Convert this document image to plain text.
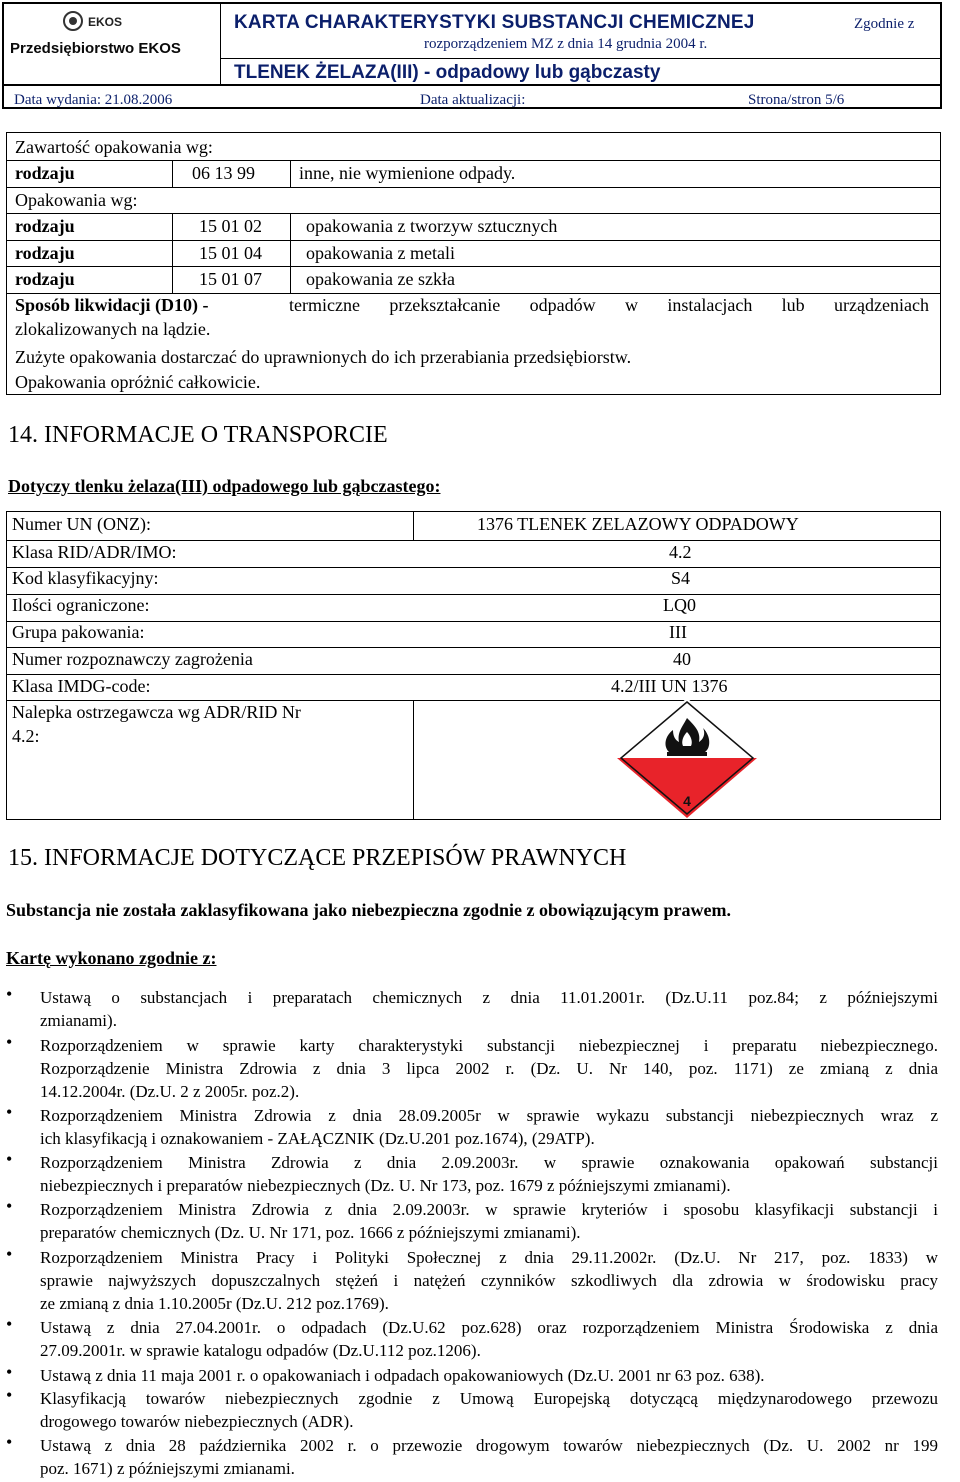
EKOS
Przedsiębiorstwo EKOS
KARTA CHARAKTERYSTYKI SUBSTANCJI CHEMICZNEJ	Zgodnie z
rozporządzeniem MZ z dnia 14 grudnia 2004 r.
TLENEK ŻELAZA(III) - odpadowy lub gąbczasty
Data wydania: 21.08.2006	Data aktualizacji:	Strona/stron 5/6
Zawartość opakowania wg:
rodzaju	06 13 99 inne, nie wymienione odpady.
Opakowania wg:
rodzaju	15 01 02 opakowania z tworzyw sztucznych
rodzaju	15 01 04 opakowania z metali
rodzaju	15 01 07 opakowania ze szkła
Sposób likwidacji (D10) -	termiczne przekształcanie odpadów w instalacjach lub urządzeniach
zlokalizowanych na lądzie.
Zużyte opakowania dostarczać do uprawnionych do ich przerabiania przedsiębiorstw.
Opakowania opróżnić całkowicie.
14. INFORMACJE O TRANSPORCIE
Dotyczy tlenku żelaza(III) odpadowego lub gąbczastego:
Numer UN (ONZ):	1376 TLENEK ZELAZOWY ODPADOWY
Klasa RID/ADR/IMO:	4.2
Kod klasyfikacyjny:	S4
Ilości ograniczone:	LQ0
Grupa pakowania:	III
Numer rozpoznawczy zagrożenia	40
Klasa IMDG-code:	4.2/III UN 1376
Nalepka ostrzegawcza wg ADR/RID Nr
4.2:
4
15. INFORMACJE DOTYCZĄCE PRZEPISÓW PRAWNYCH
Substancja nie została zaklasyfikowana jako niebezpieczna zgodnie z obowiązującym prawem.
Kartę wykonano zgodnie z:
• Ustawą o substancjach i preparatach chemicznych z dnia 11.01.2001r. (Dz.U.11 poz.84; z późniejszymi
zmianami).
• Rozporządzeniem w sprawie karty charakterystyki substancji niebezpiecznej i preparatu niebezpiecznego.
Rozporządzenie Ministra Zdrowia z dnia 3 lipca 2002 r. (Dz. U. Nr 140, poz. 1171) ze zmianą z dnia
14.12.2004r. (Dz.U. 2 z 2005r. poz.2).
• Rozporządzeniem Ministra Zdrowia z dnia 28.09.2005r w sprawie wykazu substancji niebezpiecznych wraz z
ich klasyfikacją i oznakowaniem - ZAŁĄCZNIK (Dz.U.201 poz.1674), (29ATP).
• Rozporządzeniem Ministra Zdrowia z dnia 2.09.2003r. w sprawie oznakowania opakowań substancji
niebezpiecznych i preparatów niebezpiecznych (Dz. U. Nr 173, poz. 1679 z późniejszymi zmianami).
• Rozporządzeniem Ministra Zdrowia z dnia 2.09.2003r. w sprawie kryteriów i sposobu klasyfikacji substancji i
preparatów chemicznych (Dz. U. Nr 171, poz. 1666 z późniejszymi zmianami).
• Rozporządzeniem Ministra Pracy i Polityki Społecznej z dnia 29.11.2002r. (Dz.U. Nr 217, poz. 1833) w
sprawie najwyższych dopuszczalnych stężeń i natężeń czynników szkodliwych dla zdrowia w środowisku pracy
ze zmianą z dnia 1.10.2005r (Dz.U. 212 poz.1769).
• Ustawą z dnia 27.04.2001r. o odpadach (Dz.U.62 poz.628) oraz rozporządzeniem Ministra Środowiska z dnia
27.09.2001r. w sprawie katalogu odpadów (Dz.U.112 poz.1206).
• Ustawą z dnia 11 maja 2001 r. o opakowaniach i odpadach opakowaniowych (Dz.U. 2001 nr 63 poz. 638).
• Klasyfikacją towarów niebezpiecznych zgodnie z Umową Europejską dotyczącą międzynarodowego przewozu
drogowego towarów niebezpiecznych (ADR).
• Ustawą z dnia 28 października 2002 r. o przewozie drogowym towarów niebezpiecznych (Dz. U. 2002 nr 199
poz. 1671) z późniejszymi zmianami.
